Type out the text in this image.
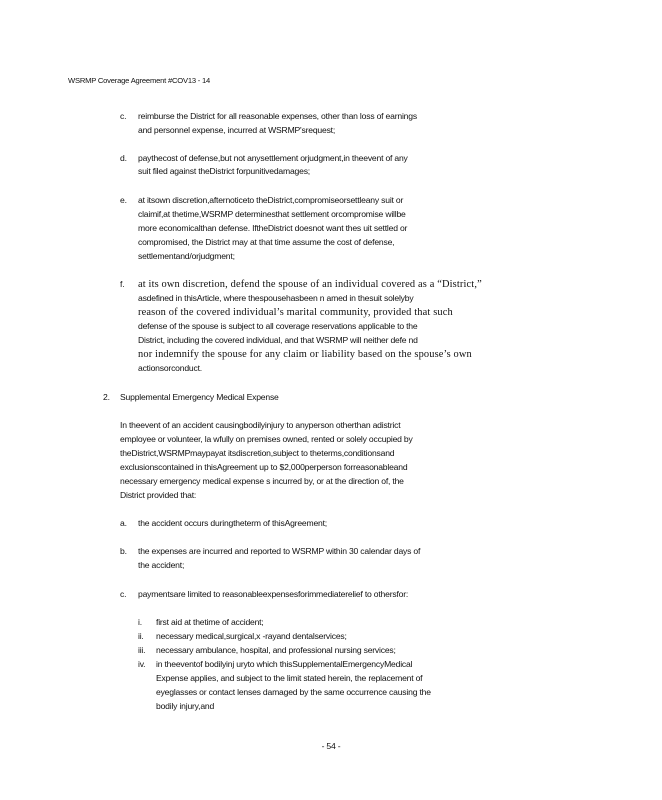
WSRMP Coverage Agreement #COV13 - 14
c. reimburse the District for all reasonable expenses, other than loss of earnings
and personnel expense, incurred at WSRMP'srequest;
d. paythecost of defense,but not anysettlement orjudgment,in theevent of any
suit filed against theDistrict forpunitivedamages;
e. at itsown discretion,afternoticeto theDistrict,compromiseorsettleany suit or
claimif,at thetime,WSRMP determinesthat settlement orcompromise willbe
more economicalthan defense. IftheDistrict doesnot want thes uit settled or
compromised, the District may at that time assume the cost of defense,
settlementand/orjudgment;
f. at its own discretion, defend the spouse of an individual covered as a “District,”
asdefined in thisArticle, where thespousehasbeen n amed in thesuit solelyby
reason of the covered individual’s marital community, provided that such
defense of the spouse is subject to all coverage reservations applicable to the
District, including the covered individual, and that WSRMP will neither defe nd
nor indemnify the spouse for any claim or liability based on the spouse’s own
actionsorconduct.
2. Supplemental Emergency Medical Expense
In theevent of an accident causingbodilyinjury to anyperson otherthan adistrict
employee or volunteer, la wfully on premises owned, rented or solely occupied by
theDistrict,WSRMPmaypayat itsdiscretion,subject to theterms,conditionsand
exclusionscontained in thisAgreement up to $2,000perperson forreasonableand
necessary emergency medical expense s incurred by, or at the direction of, the
District provided that:
a. the accident occurs duringtheterm of thisAgreement;
b. the expenses are incurred and reported to WSRMP within 30 calendar days of
the accident;
c. paymentsare limited to reasonableexpensesforimmediaterelief to othersfor:
i. first aid at thetime of accident;
ii. necessary medical,surgical,x -rayand dentalservices;
iii. necessary ambulance, hospital, and professional nursing services;
iv. in theeventof bodilyinj uryto which thisSupplementalEmergencyMedical
Expense applies, and subject to the limit stated herein, the replacement of
eyeglasses or contact lenses damaged by the same occurrence causing the
bodily injury,and
- 54 -
